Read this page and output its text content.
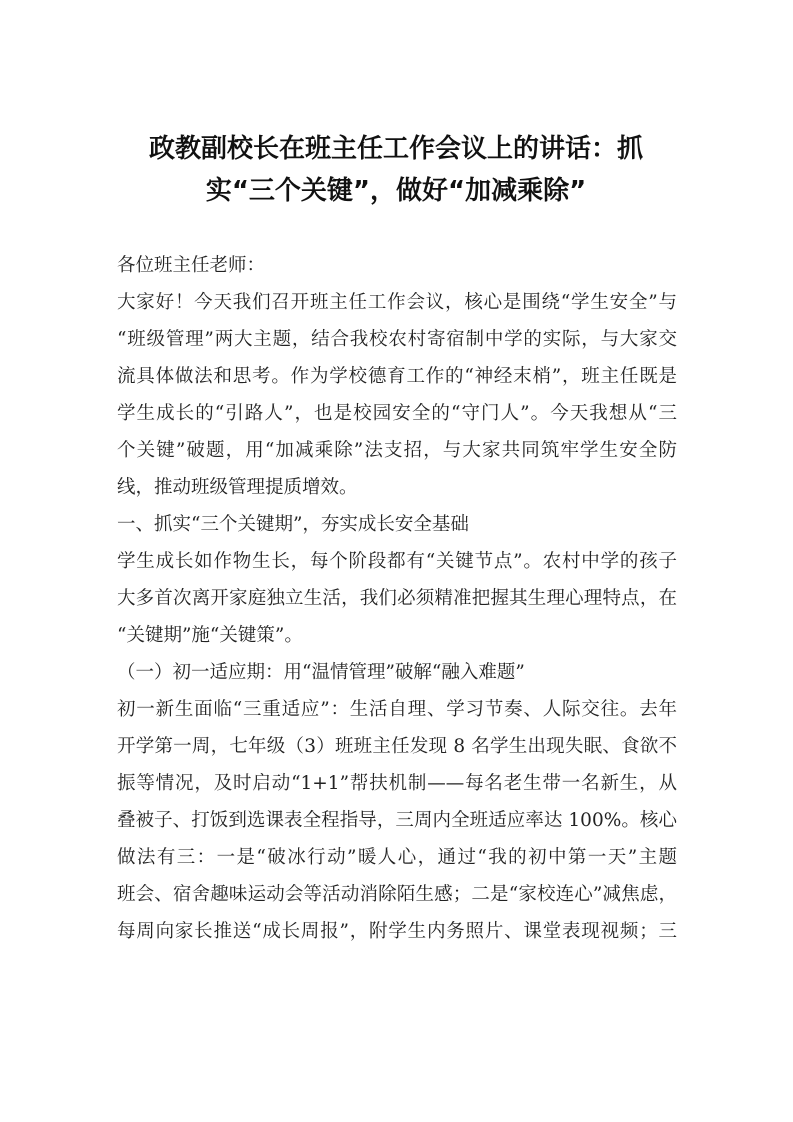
政教副校长在班主任工作会议上的讲话：抓
实“三个关键”，做好“加减乘除”
各位班主任老师：
大家好！今天我们召开班主任工作会议，核心是围绕“学生安全”与
“班级管理”两大主题，结合我校农村寄宿制中学的实际，与大家交
流具体做法和思考。作为学校德育工作的“神经末梢”，班主任既是
学生成长的“引路人”，也是校园安全的“守门人”。今天我想从“三
个关键”破题，用“加减乘除”法支招，与大家共同筑牢学生安全防
线，推动班级管理提质增效。
一、抓实“三个关键期”，夯实成长安全基础
学生成长如作物生长，每个阶段都有“关键节点”。农村中学的孩子
大多首次离开家庭独立生活，我们必须精准把握其生理心理特点，在
“关键期”施“关键策”。
（一）初一适应期：用“温情管理”破解“融入难题”
初一新生面临“三重适应”：生活自理、学习节奏、人际交往。去年
开学第一周，七年级（3）班班主任发现 8 名学生出现失眠、食欲不
振等情况，及时启动“1+1”帮扶机制——每名老生带一名新生，从
叠被子、打饭到选课表全程指导，三周内全班适应率达 100%。核心
做法有三：一是“破冰行动”暖人心，通过“我的初中第一天”主题
班会、宿舍趣味运动会等活动消除陌生感；二是“家校连心”减焦虑，
每周向家长推送“成长周报”，附学生内务照片、课堂表现视频；三
